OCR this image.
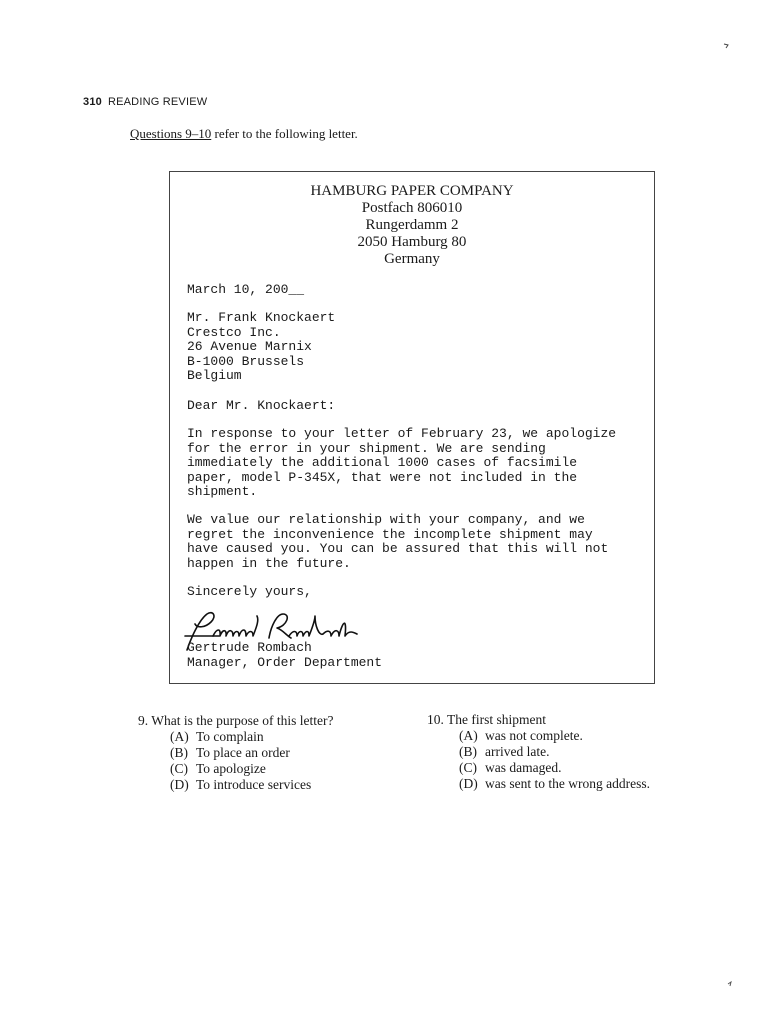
310 READING REVIEW
Questions 9–10 refer to the following letter.
HAMBURG PAPER COMPANY
Postfach 806010
Rungerdamm 2
2050 Hamburg 80
Germany
March 10, 200__
Mr. Frank Knockaert
Crestco Inc.
26 Avenue Marnix
B-1000 Brussels
Belgium
Dear Mr. Knockaert:
In response to your letter of February 23, we apologize
for the error in your shipment. We are sending
immediately the additional 1000 cases of facsimile
paper, model P-345X, that were not included in the
shipment.
We value our relationship with your company, and we
regret the inconvenience the incomplete shipment may
have caused you. You can be assured that this will not
happen in the future.
Sincerely yours,
Gertrude Rombach
Manager, Order Department
9. What is the purpose of this letter?
(A) To complain
(B) To place an order
(C) To apologize
(D) To introduce services
10. The first shipment
(A) was not complete.
(B) arrived late.
(C) was damaged.
(D) was sent to the wrong address.
